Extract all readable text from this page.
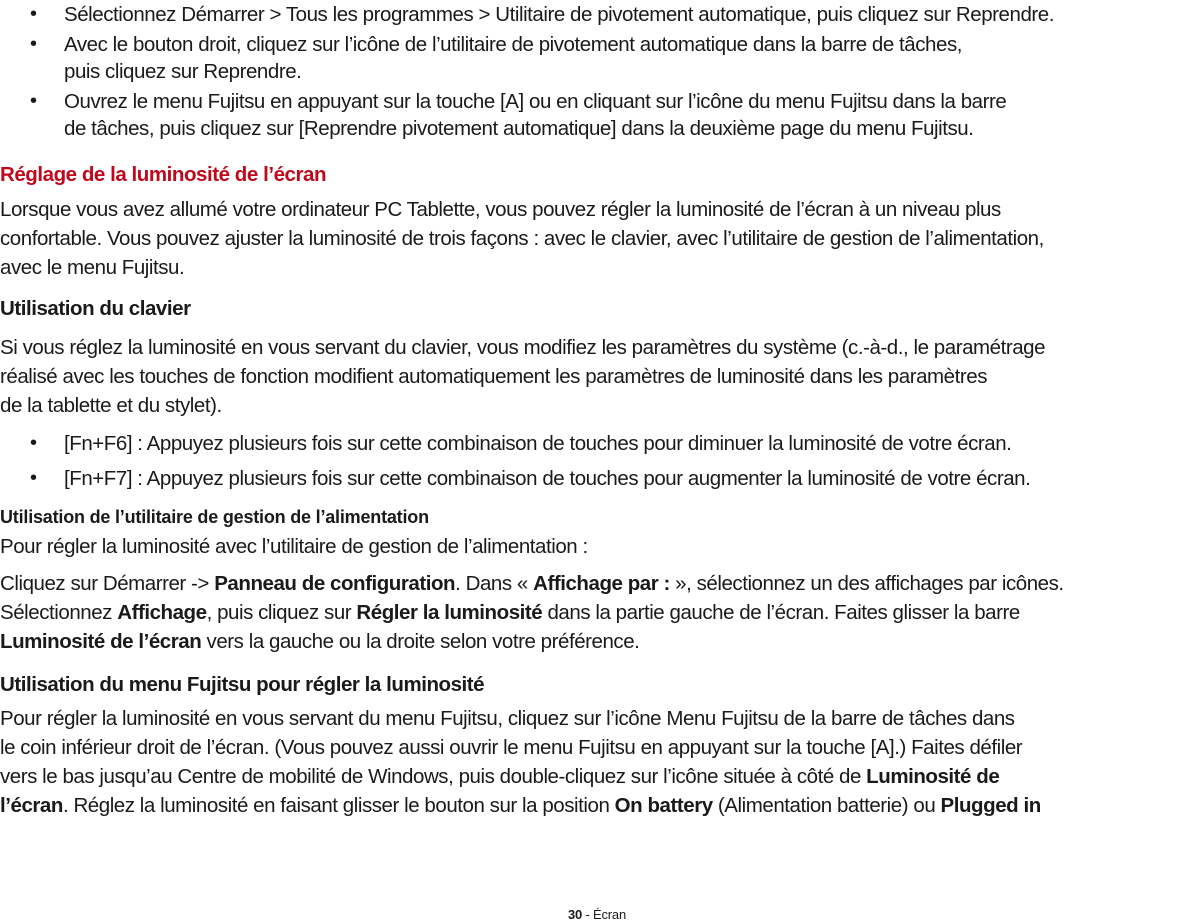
•	Sélectionnez Démarrer > Tous les programmes > Utilitaire de pivotement automatique, puis cliquez sur Reprendre.
•	Avec le bouton droit, cliquez sur l’icône de l’utilitaire de pivotement automatique dans la barre de tâches,
puis cliquez sur Reprendre.
•	Ouvrez le menu Fujitsu en appuyant sur la touche [A] ou en cliquant sur l’icône du menu Fujitsu dans la barre
de tâches, puis cliquez sur [Reprendre pivotement automatique] dans la deuxième page du menu Fujitsu.
Réglage de la luminosité de l’écran
Lorsque vous avez allumé votre ordinateur PC Tablette, vous pouvez régler la luminosité de l’écran à un niveau plus
confortable. Vous pouvez ajuster la luminosité de trois façons : avec le clavier, avec l’utilitaire de gestion de l’alimentation,
avec le menu Fujitsu.
Utilisation du clavier
Si vous réglez la luminosité en vous servant du clavier, vous modifiez les paramètres du système (c.-à-d., le paramétrage
réalisé avec les touches de fonction modifient automatiquement les paramètres de luminosité dans les paramètres
de la tablette et du stylet).
•	[Fn+F6] : Appuyez plusieurs fois sur cette combinaison de touches pour diminuer la luminosité de votre écran.
•	[Fn+F7] : Appuyez plusieurs fois sur cette combinaison de touches pour augmenter la luminosité de votre écran.
Utilisation de l’utilitaire de gestion de l’alimentation
Pour régler la luminosité avec l’utilitaire de gestion de l’alimentation :
Cliquez sur Démarrer -> Panneau de configuration. Dans « Affichage par : », sélectionnez un des affichages par icônes.
Sélectionnez Affichage, puis cliquez sur Régler la luminosité dans la partie gauche de l’écran. Faites glisser la barre
Luminosité de l’écran vers la gauche ou la droite selon votre préférence.
Utilisation du menu Fujitsu pour régler la luminosité
Pour régler la luminosité en vous servant du menu Fujitsu, cliquez sur l’icône Menu Fujitsu de la barre de tâches dans
le coin inférieur droit de l’écran. (Vous pouvez aussi ouvrir le menu Fujitsu en appuyant sur la touche [A].) Faites défiler
vers le bas jusqu’au Centre de mobilité de Windows, puis double-cliquez sur l’icône située à côté de Luminosité de
l’écran. Réglez la luminosité en faisant glisser le bouton sur la position On battery (Alimentation batterie) ou Plugged in
30 - Écran
